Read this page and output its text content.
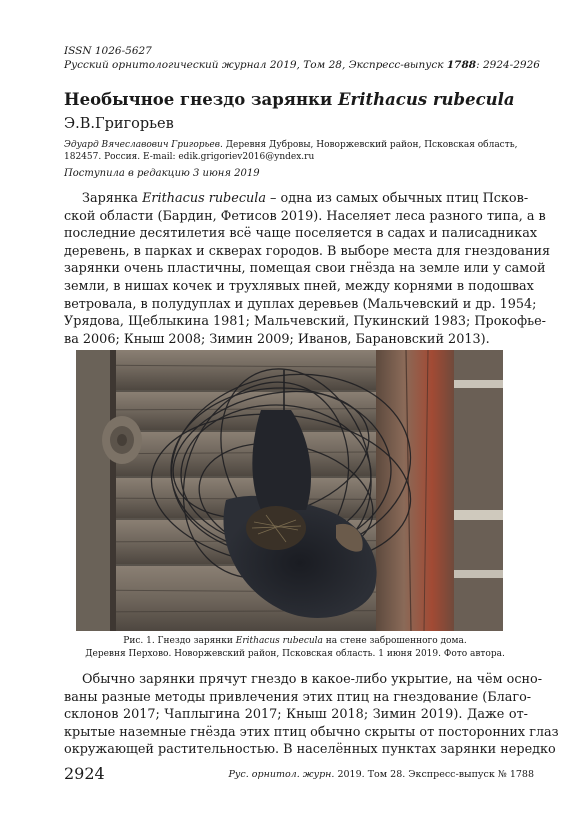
ISSN 1026-5627
Русский орнитологический журнал 2019, Том 28, Экспресс-выпуск 1788: 2924-2926
Необычное гнездо зарянки Erithacus rubecula
Э.В.Григорьев
Эдуард Вячеславович Григорьев. Деревня Дубровы, Новоржевский район, Псковская область, 182457. Россия. E-mail: edik.grigoriev2016@yndex.ru
Поступила в редакцию 3 июня 2019
Зарянка Erithacus rubecula – одна из самых обычных птиц Псков-
ской области (Бардин, Фетисов 2019). Населяет леса разного типа, а в
последние десятилетия всё чаще поселяется в садах и палисадниках
деревень, в парках и скверах городов. В выборе места для гнездования
зарянки очень пластичны, помещая свои гнёзда на земле или у самой
земли, в нишах кочек и трухлявых пней, между корнями в подошвах
ветровала, в полудуплах и дуплах деревьев (Мальчевский и др. 1954;
Урядова, Щеблыкина 1981; Мальчевский, Пукинский 1983; Прокофье-
ва 2006; Кныш 2008; Зимин 2009; Иванов, Барановский 2013).
Рис. 1. Гнездо зарянки Erithacus rubecula на стене заброшенного дома.
Деревня Перхово. Новоржевский район, Псковская область. 1 июня 2019. Фото автора.
Обычно зарянки прячут гнездо в какое-либо укрытие, на чём осно-
ваны разные методы привлечения этих птиц на гнездование (Благо-
склонов 2017; Чаплыгина 2017; Кныш 2018; Зимин 2019). Даже от-
крытые наземные гнёзда этих птиц обычно скрыты от посторонних глаз
окружающей растительностью. В населённых пунктах зарянки нередко
2924	Рус. орнитол. журн. 2019. Том 28. Экспресс-выпуск № 1788
